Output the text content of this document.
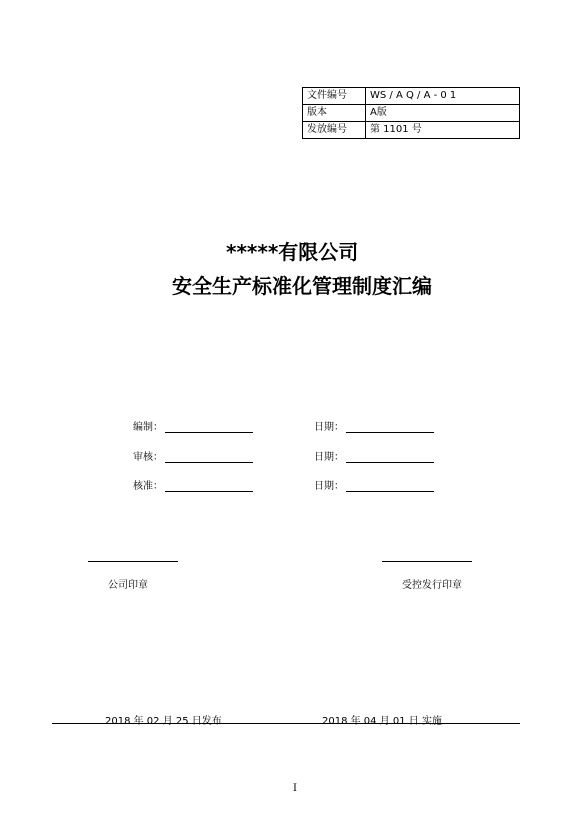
文件编号	WS / A Q / A - 0 1
版本	A版
发放编号	第 1101 号
*****有限公司
安全生产标准化管理制度汇编
编制：	日期：
审核：	日期：
核准：	日期：
公司印章	受控发行印章
2018 年 02 月 25 日发布	2018 年 04 月 01 日 实施
I
